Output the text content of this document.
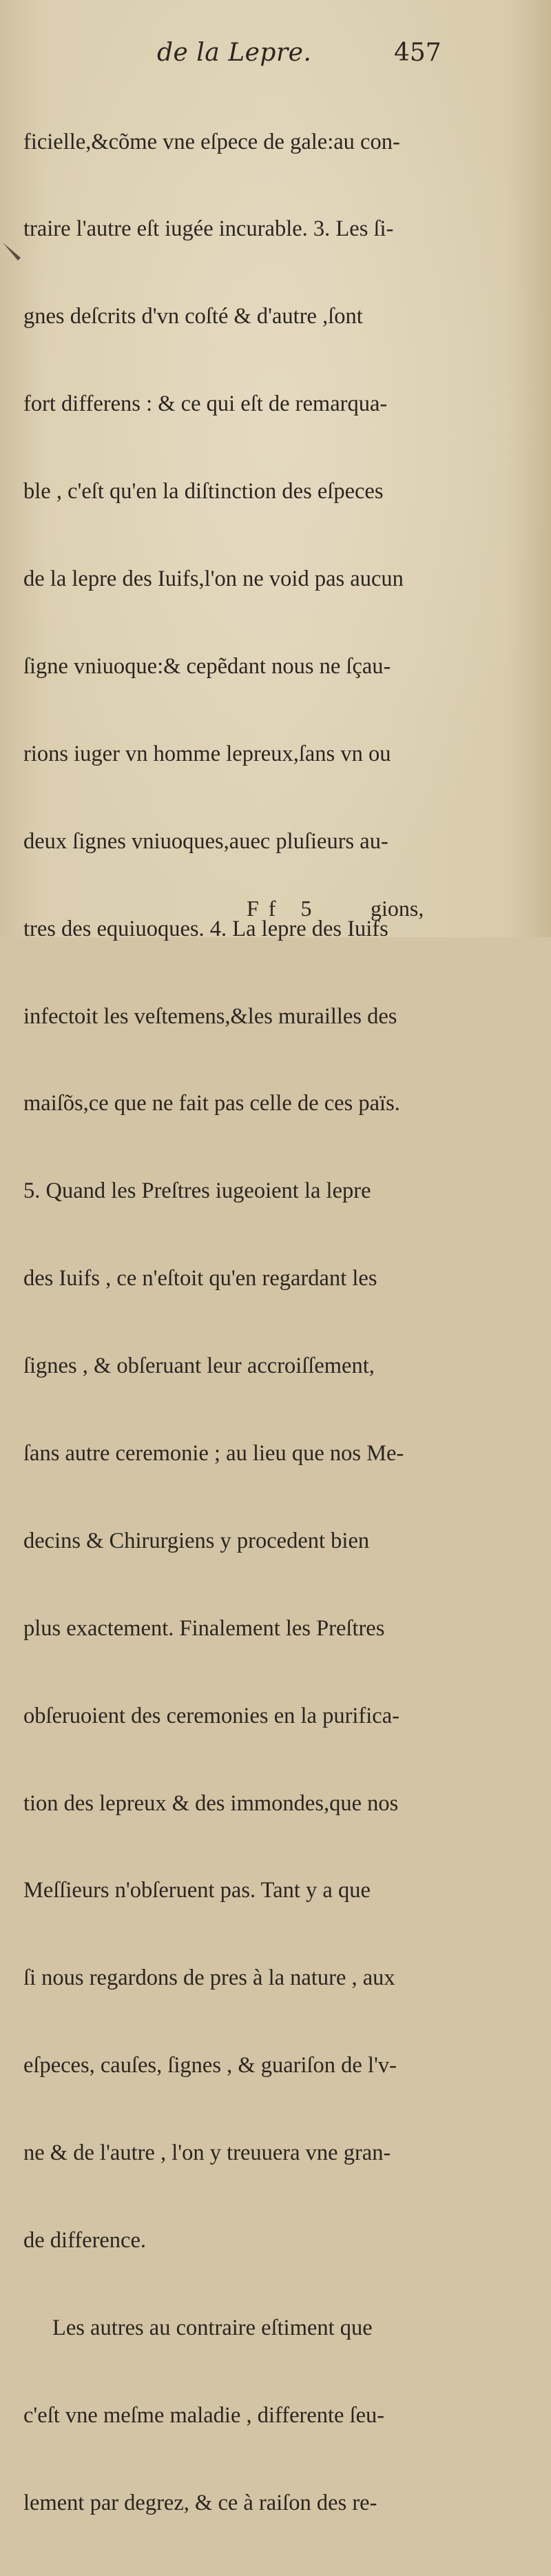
de la Lepre.	457

ficielle,&cõme vne eſpece de gale:au con-

traire l'autre eſt iugée incurable. 3. Les ſi-

gnes deſcrits d'vn coſté & d'autre ,ſont

fort differens : & ce qui eſt de remarqua-

ble , c'eſt qu'en la diſtinction des eſpeces

de la lepre des Iuifs,l'on ne void pas aucun

ſigne vniuoque:& cepẽdant nous ne ſçau-

rions iuger vn homme lepreux,ſans vn ou

deux ſignes vniuoques,auec pluſieurs au-

tres des equiuoques. 4. La lepre des Iuifs

infectoit les veſtemens,&les murailles des

maiſõs,ce que ne fait pas celle de ces païs.

5. Quand les Preſtres iugeoient la lepre

des Iuifs , ce n'eſtoit qu'en regardant les

ſignes , & obſeruant leur accroiſſement,

ſans autre ceremonie ; au lieu que nos Me-

decins & Chirurgiens y procedent bien

plus exactement. Finalement les Preſtres

obſeruoient des ceremonies en la purifica-

tion des lepreux & des immondes,que nos

Meſſieurs n'obſeruent pas. Tant y a que

ſi nous regardons de pres à la nature , aux

eſpeces, cauſes, ſignes , & guariſon de l'v-

ne & de l'autre , l'on y treuuera vne gran-

de difference.

Les autres au contraire eſtiment que

c'eſt vne meſme maladie , differente ſeu-

lement par degrez, & ce à raiſon des re-

Ff 5 gions,
